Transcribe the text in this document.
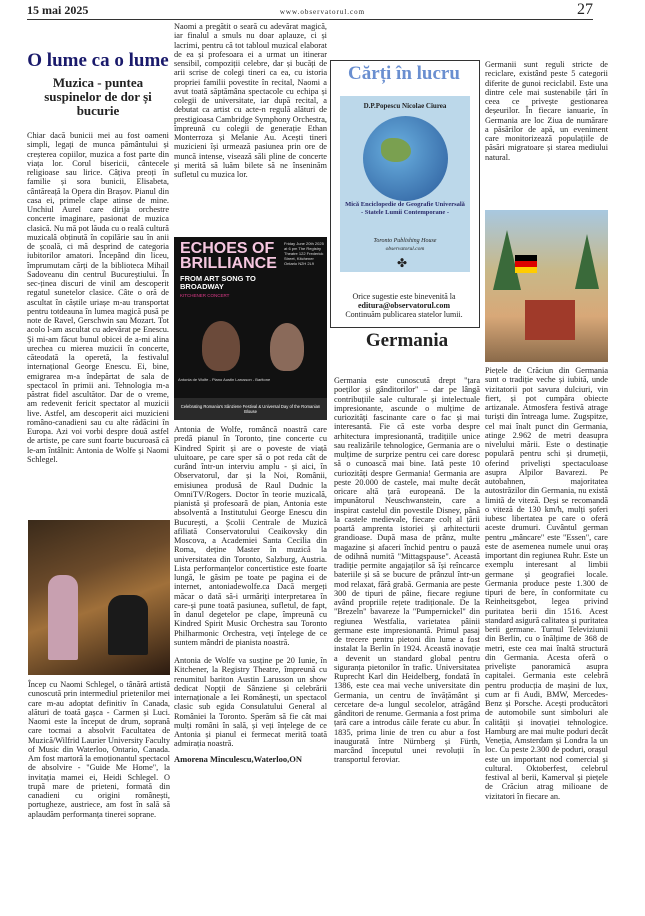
15 mai 2025	www.observatorul.com	27
O lume ca o lume
Muzica - puntea suspinelor de dor și bucurie

Chiar dacă bunicii mei au fost oameni simpli, legați de munca pământului și creșterea copiilor, muzica a fost parte din viața lor. Corul bisericii, cântecele religioase sau lirice. Câțiva preoți în familie și sora bunicii, Elisabeta, cântăreață la Opera din Brașov. Pianul din casa ei, primele clape atinse de mine. Unchiul Aurel care dirija orchestre concerte imaginare, pasionat de muzica clasică. Nu mă pot lăuda cu o reală cultură muzicală obținută în copilărie sau în anii de școală, ci mă desprind de categoria iubitorilor amatori. Începând din liceu, împrumutam cărți de la biblioteca Mihail Sadoveanu din centrul Bucureștiului. În sec-ținea discuri de vinil am descoperit regatul sunetelor clasice. Câte o oră de ascultat în căștile uriașe m-au transportat pentru totdeauna în lumea magică pusă pe note de Ravel, Gerschwin sau Mozart. Tot acolo l-am ascultat cu adevărat pe Enescu. Și mi-am făcut bunul obicei de a-mi alina urechea cu mierea muzicii în concerte, căteodată la operetă, la festivalul internațional George Enescu. Ei, bine, emigrarea m-a îndepărtat de sala de spectacol în primii ani. Tehnologia m-a păstrat fidel ascultător. Dar de o vreme, am redevenit fericit spectator al muzicii live. Astfel, am descoperit aici muzicieni româno-canadieni sau cu alte rădăcini în Europa. Azi voi vorbi despre două astfel de artiste, pe care sunt foarte bucuroasă că le-am întâlnit: Antonia de Wolfe și Naomi Schlegel.

Încep cu Naomi Schlegel, o tânără artistă cunoscută prin intermediul prietenilor mei care m-au adoptat definitiv în Canada, alături de toată gașca - Carmen și Luci. Naomi este la început de drum, soprană care tocmai a absolvit Facultatea de Muzică/Wilfrid Laurier University Faculty of Music din Waterloo, Ontario, Canada. Am fost martoră la emoționantul spectacol de absolvire - "Guide Me Home", la invitația mamei ei, Heidi Schlegel. O trupă mare de prieteni, formată din canadieni cu origini românești, portugheze, austriece, am fost în sală să aplaudăm performanța tinerei soprane.

Naomi a pregătit o seară cu adevărat magică, iar finalul a smuls nu doar aplauze, ci și lacrimi, pentru că tot tabloul muzical elaborat de ea și profesoara ei a urmat un itinerar sensibil, compoziții celebre, dar și bucăți de arii scrise de colegi tineri ca ea, cu istoria propriei familii povestite în recital, Naomi a avut toată săptămâna spectacole cu echipa și colegii de universitate, iar după recital, a debutat ca artist cu acte-n regulă alături de prestigioasa Cambridge Symphony Orchestra, împreună cu colegii de generație Ethan Monterroza și Melanie Au. Acești tineri muzicieni își urmează pasiunea prin ore de muncă intense, visează săli pline de concerte și merită să luăm bilete să ne înseninăm sufletul cu muzica lor.

ECHOES OF BRILLIANCE
FROM ART SONG TO BROADWAY
KITCHENER CONCERT
Friday June 20th 2025 at 6 pm The Registry Theatre 122 Frederick Street, Kitchener Ontario N2H 2L9
Antonia de Wolfe - Piano Austin Larusson - Baritone
Celebrating Romania's Sânziene Festival & Universal Day of the Romanian Blouse

Antonia de Wolfe, româncă noastră care predă pianul în Toronto, ține concerte cu Kindred Spirit și are o poveste de viață uluitoare, pe care sper să o pot reda cât de curând într-un interviu amplu - și aici, în Observatorul, dar și la Noi, Românii, emisiunea produsă de Raul Dudnic la OmniTV/Rogers. Doctor în teorie muzicală, pianistă și profesoară de pian, Antonia este absolventă a Institutului George Enescu din București, a Școlii Centrale de Muzică afiliată Conservatorului Ceaikovsky din Moscova, a Academiei Santa Cecilia din Roma, deține Master în muzică la universitatea din Toronto, Salzburg, Austria. Lista performanțelor concertistice este foarte lungă, le găsim pe toate pe pagina ei de internet, antoniadewolfe.ca Dacă mergeți măcar o dată să-i urmăriți interpretarea în care-și pune toată pasiunea, sufletul, de fapt, în danul degetelor pe clape, împreună cu Kindred Spirit Music Orchestra sau Toronto Philharmonic Orchestra, veți înțelege de ce suntem mândri de pianista noastră.

Antonia de Wolfe va susține pe 20 Iunie, în Kitchener, la Registry Theatre, împreună cu renumitul bariton Austin Larusson un show dedicat Nopții de Sânziene și celebrării internaționale a Iei Românești, un spectacol clasic sub egida Consulatului General al României la Toronto. Sperăm să fie cât mai mulți români în sală, și veți înțelege de ce Antonia și pianul ei fermecat merită toată admirația noastră.

Amorena Minculescu,Waterloo,ON

Cărți în lucru
D.P.Popescu Nicolae Ciurea
Mică Enciclopedie de Geografie Universală - Statele Lumii Contemporane -
Toronto Publishing House
observatorul.com
✤
Orice sugestie este binevenită la
editura@observatorul.com
Continuăm publicarea statelor lumii.
Germania

Germania este cunoscută drept "țara poeților și gânditorilor" – dar pe lângă contribuțiile sale culturale și intelectuale impresionante, ascunde o mulțime de curiozități fascinante care o fac și mai interesantă. Fie că este vorba despre arhitectura impresionantă, tradițiile unice sau realizările tehnologice, Germania are o mulțime de surprize pentru cei care doresc să o cunoască mai bine. Iată peste 10 curiozități despre Germania! Germania are peste 20.000 de castele, mai multe decât oricare altă țară europeană. De la impunătorul Neuschwanstein, care a inspirat castelul din povestile Disney, până la castele medievale, fiecare colț al țării poartă amprenta istoriei și arhitecturii grandioase. După masa de prânz, multe magazine și afaceri închid pentru o pauză de odihnă numită "Mittagspause". Această tradiție permite angajaților să își reîncarce bateriile și să se bucure de prânzul într-un mod relaxat, fără grabă. Germania are peste 300 de tipuri de pâine, fiecare regiune având propriile rețete tradiționale. De la "Brezeln" bavareze la "Pumpernickel" din regiunea Westfalia, varietatea pâinii germane este impresionantă. Primul pasaj de trecere pentru pietoni din lume a fost instalat la Berlin în 1924. Această inovație a devenit un standard global pentru siguranța pietonilor în trafic. Universitatea Ruprecht Karl din Heidelberg, fondată în 1386, este cea mai veche universitate din Germania, un centru de învățământ și cercetare de-a lungul secolelor, atrăgând gânditori de renume. Germania a fost prima țară care a introdus căile ferate cu abur. În 1835, prima linie de tren cu abur a fost inaugurată între Nürnberg și Fürth, marcând începutul unei revoluții în transportul feroviar.

Germanii sunt reguli stricte de reciclare, existând peste 5 categorii diferite de gunoi reciclabil. Este una dintre cele mai sustenabile țări în ceea ce privește gestionarea deșeurilor. În fiecare ianuarie, în Germania are loc Ziua de numărare a păsărilor de apă, un eveniment care monitorizează populațiile de păsări migratoare și starea mediului natural.

Piețele de Crăciun din Germania sunt o tradiție veche și iubită, unde vizitatorii pot savura dulciuri, vin fiert, și pot cumpăra obiecte artizanale. Atmosfera festivă atrage turiști din întreaga lume. Zugspitze, cel mai înalt punct din Germania, atinge 2.962 de metri deasupra nivelului mării. Este o destinație populară pentru schi și drumeții, oferind priveliști spectaculoase asupra Alpilor Bavarezi. Pe autobahnen, majoritatea autostrăzilor din Germania, nu există limită de viteză. Deși se recomandă o viteză de 130 km/h, mulți șoferi iubesc libertatea pe care o oferă aceste drumuri. Cuvântul german pentru „mâncare" este "Essen", care este de asemenea numele unui oraș important din regiunea Ruhr. Este un exemplu interesant al limbii germane și geografiei locale. Germania produce peste 1.300 de tipuri de bere, în conformitate cu Reinheitsgebot, legea privind puritatea berii din 1516. Acest standard asigură calitatea și puritatea berii germane. Turnul Televiziunii din Berlin, cu o înălțime de 368 de metri, este cea mai înaltă structură din Germania. Acesta oferă o priveliște panoramică asupra capitalei. Germania este celebră pentru producția de mașini de lux, cum ar fi Audi, BMW, Mercedes-Benz și Porsche. Acești producători de automobile sunt simboluri ale calității și inovației tehnologice. Hamburg are mai multe poduri decât Veneția, Amsterdam și Londra la un loc. Cu peste 2.300 de poduri, orașul este un important nod comercial și cultural. Oktoberfest, celebrul festival al berii, Kamerval și piețele de Crăciun atrag milioane de vizitatori în fiecare an.
